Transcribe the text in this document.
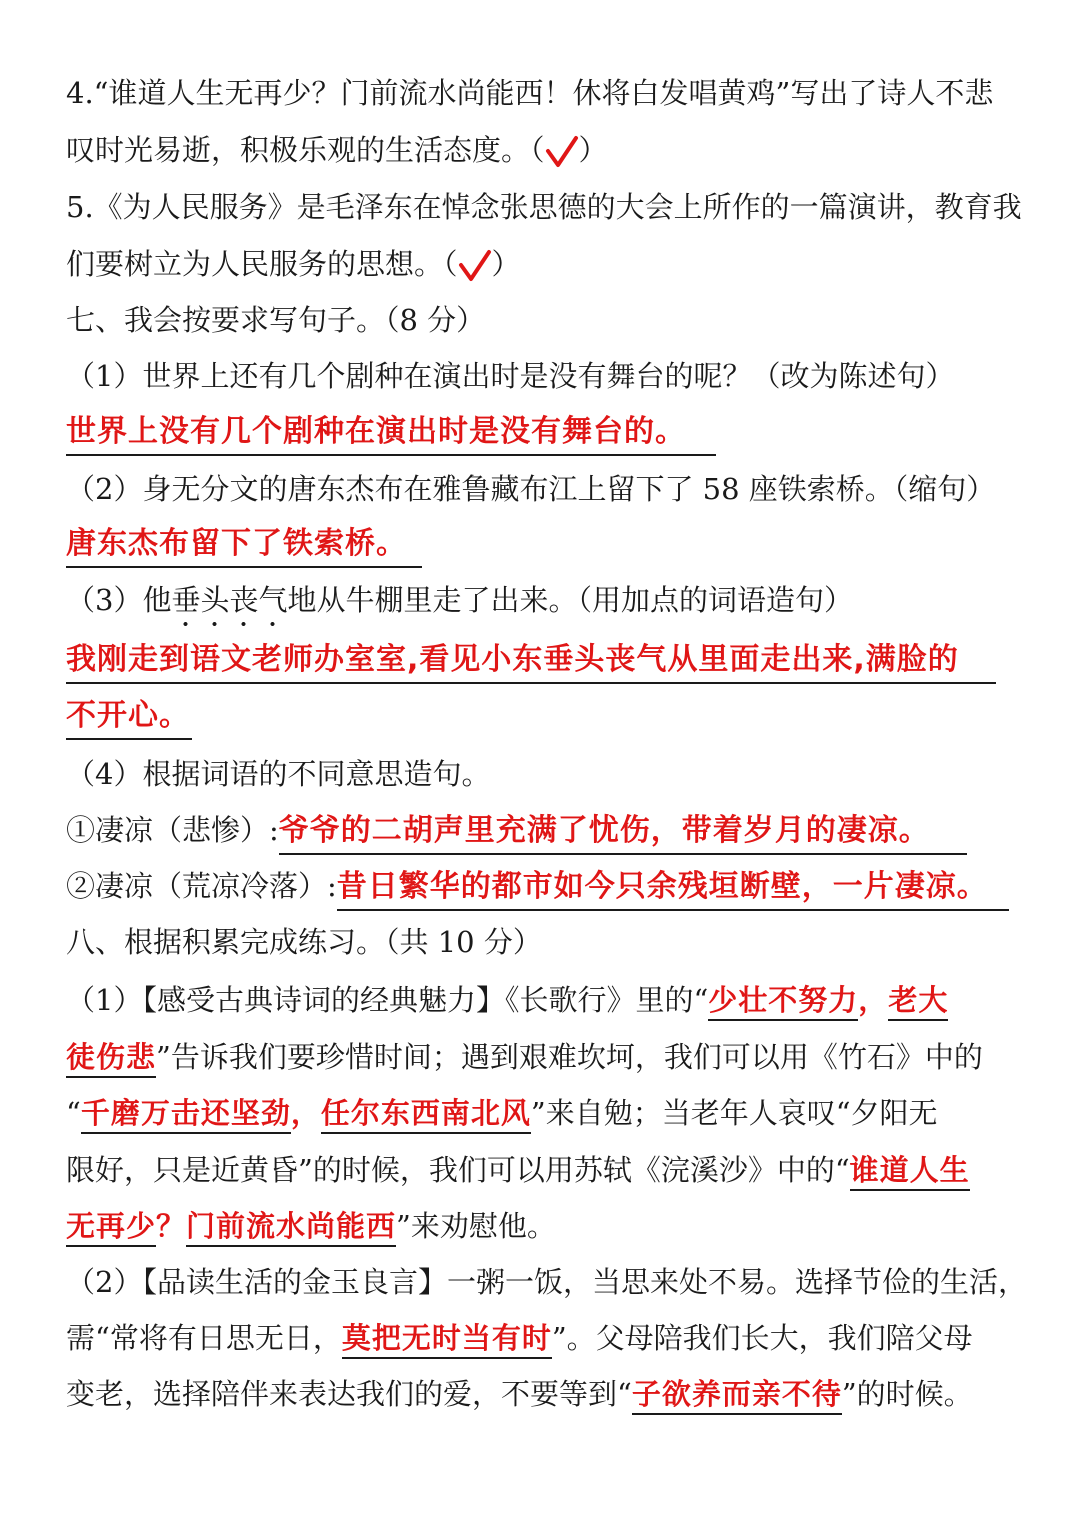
4.“谁道人生无再少？门前流水尚能西！休将白发唱黄鸡”写出了诗人不悲
叹时光易逝，积极乐观的生活态度。（ ）
5.《为人民服务》是毛泽东在悼念张思德的大会上所作的一篇演讲，教育我
们要树立为人民服务的思想。（ ）
七、我会按要求写句子。（8 分）
（1）世界上还有几个剧种在演出时是没有舞台的呢？（改为陈述句）
世界上没有几个剧种在演出时是没有舞台的。
（2）身无分文的唐东杰布在雅鲁藏布江上留下了 58 座铁索桥。（缩句）
唐东杰布留下了铁索桥。
（3）他垂头丧气地从牛棚里走了出来。（用加点的词语造句）
我刚走到语文老师办室室,看见小东垂头丧气从里面走出来,满脸的
不开心。
（4）根据词语的不同意思造句。
①凄凉（悲惨）:爷爷的二胡声里充满了忧伤，带着岁月的凄凉。
②凄凉（荒凉冷落）:昔日繁华的都市如今只余残垣断壁，一片凄凉。
八、根据积累完成练习。（共 10 分）
（1）【感受古典诗词的经典魅力】《长歌行》里的“少壮不努力，老大
徒伤悲”告诉我们要珍惜时间；遇到艰难坎坷，我们可以用《竹石》中的
“千磨万击还坚劲，任尔东西南北风”来自勉；当老年人哀叹“夕阳无
限好，只是近黄昏”的时候，我们可以用苏轼《浣溪沙》中的“谁道人生
无再少？门前流水尚能西”来劝慰他。
（2）【品读生活的金玉良言】一粥一饭，当思来处不易。选择节俭的生活，
需“常将有日思无日，莫把无时当有时”。父母陪我们长大，我们陪父母
变老，选择陪伴来表达我们的爱，不要等到“子欲养而亲不待”的时候。
